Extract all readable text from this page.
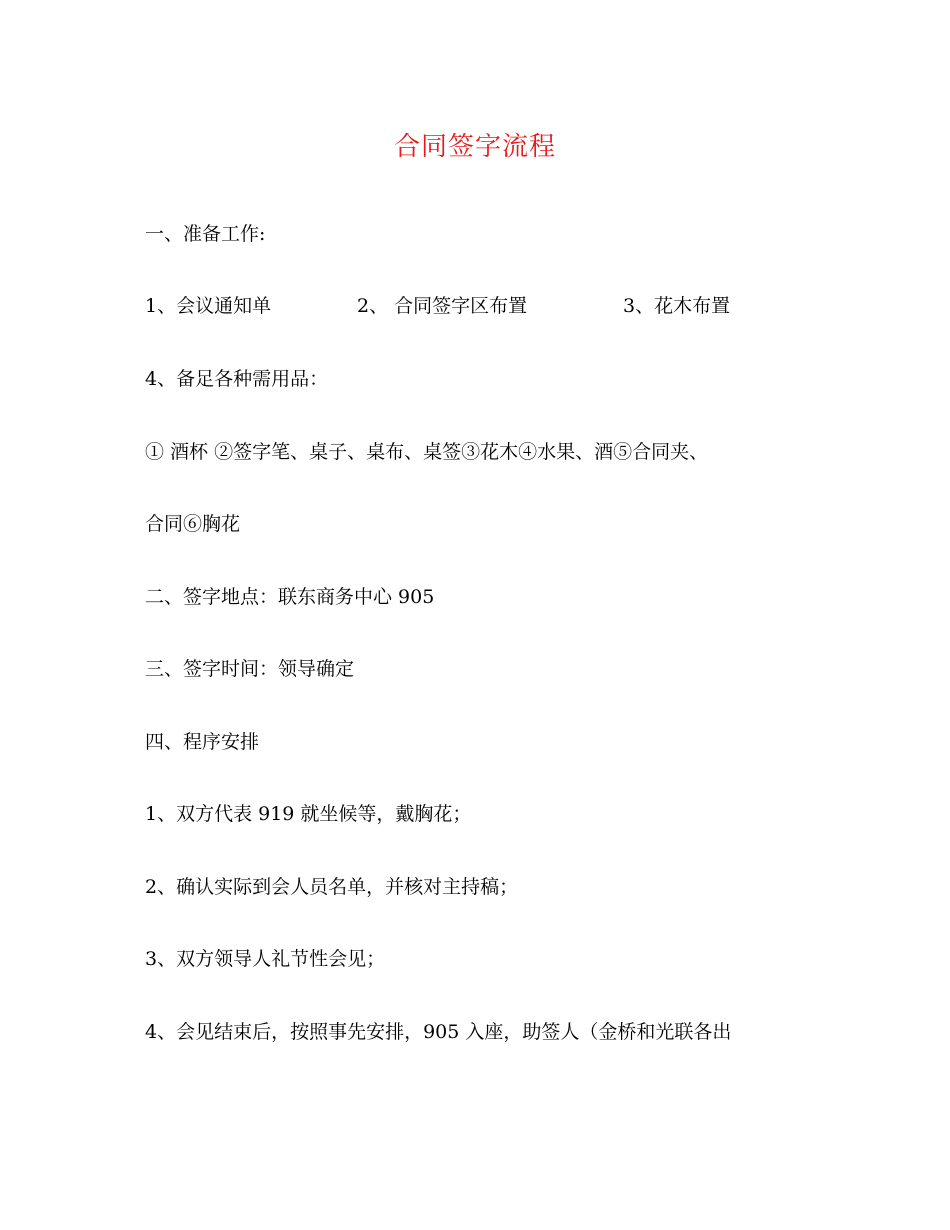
合同签字流程
一、准备工作:
1、会议通知单	2、 合同签字区布置	3、花木布置
4、备足各种需用品：
① 酒杯 ②签字笔、桌子、桌布、桌签③花木④水果、酒⑤合同夹、
合同⑥胸花
二、签字地点：联东商务中心 905
三、签字时间：领导确定
四、程序安排
1、双方代表 919 就坐候等，戴胸花；
2、确认实际到会人员名单，并核对主持稿；
3、双方领导人礼节性会见；
4、会见结束后，按照事先安排，905 入座，助签人（金桥和光联各出
